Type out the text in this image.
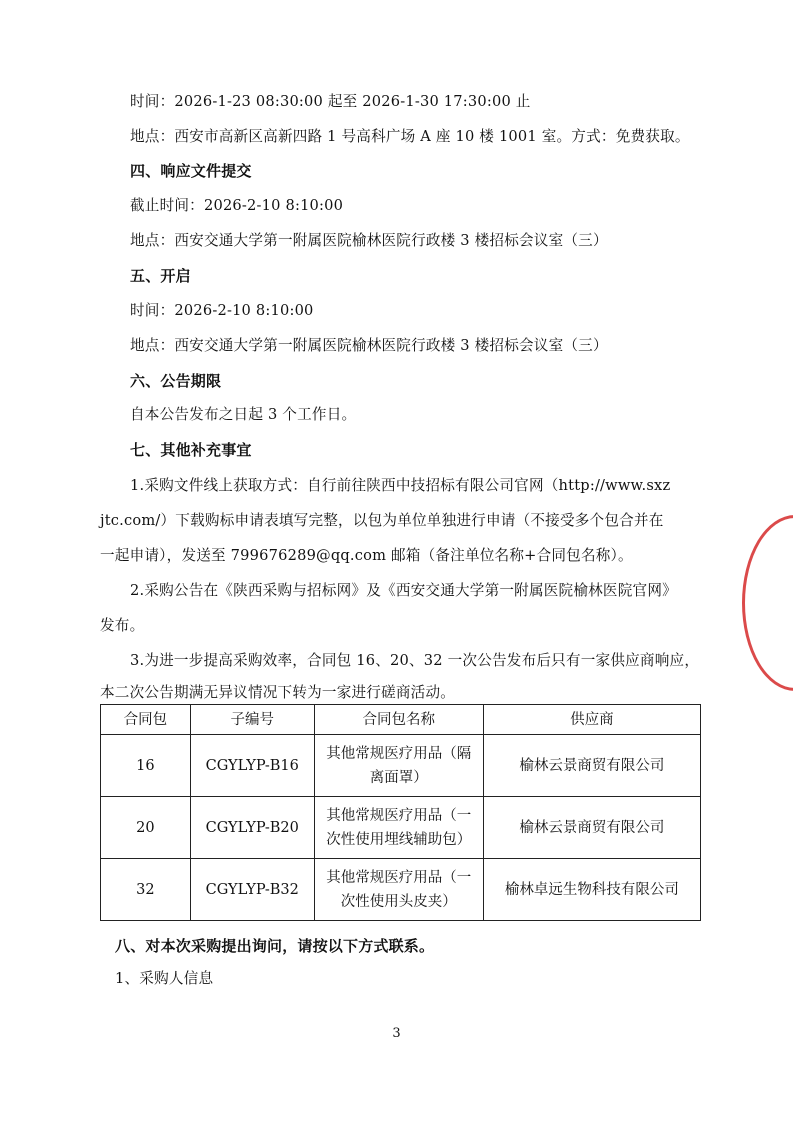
时间：2026-1-23 08:30:00 起至 2026-1-30 17:30:00 止
地点：西安市高新区高新四路 1 号高科广场 A 座 10 楼 1001 室。方式：免费获取。
四、响应文件提交
截止时间：2026-2-10 8:10:00
地点：西安交通大学第一附属医院榆林医院行政楼 3 楼招标会议室（三）
五、开启
时间：2026-2-10 8:10:00
地点：西安交通大学第一附属医院榆林医院行政楼 3 楼招标会议室（三）
六、公告期限
自本公告发布之日起 3 个工作日。
七、其他补充事宜
1.采购文件线上获取方式：自行前往陕西中技招标有限公司官网（http://www.sxz
jtc.com/）下载购标申请表填写完整，以包为单位单独进行申请（不接受多个包合并在
一起申请），发送至 799676289@qq.com 邮箱（备注单位名称+合同包名称）。
2.采购公告在《陕西采购与招标网》及《西安交通大学第一附属医院榆林医院官网》
发布。
3.为进一步提高采购效率，合同包 16、20、32 一次公告发布后只有一家供应商响应，
本二次公告期满无异议情况下转为一家进行磋商活动。
合同包	子编号	合同包名称	供应商
16	CGYLYP-B16	其他常规医疗用品（隔
离面罩）	榆林云景商贸有限公司
20	CGYLYP-B20	其他常规医疗用品（一
次性使用埋线辅助包）	榆林云景商贸有限公司
32	CGYLYP-B32	其他常规医疗用品（一
次性使用头皮夹）	榆林卓远生物科技有限公司
八、对本次采购提出询问，请按以下方式联系。
1、采购人信息
3
